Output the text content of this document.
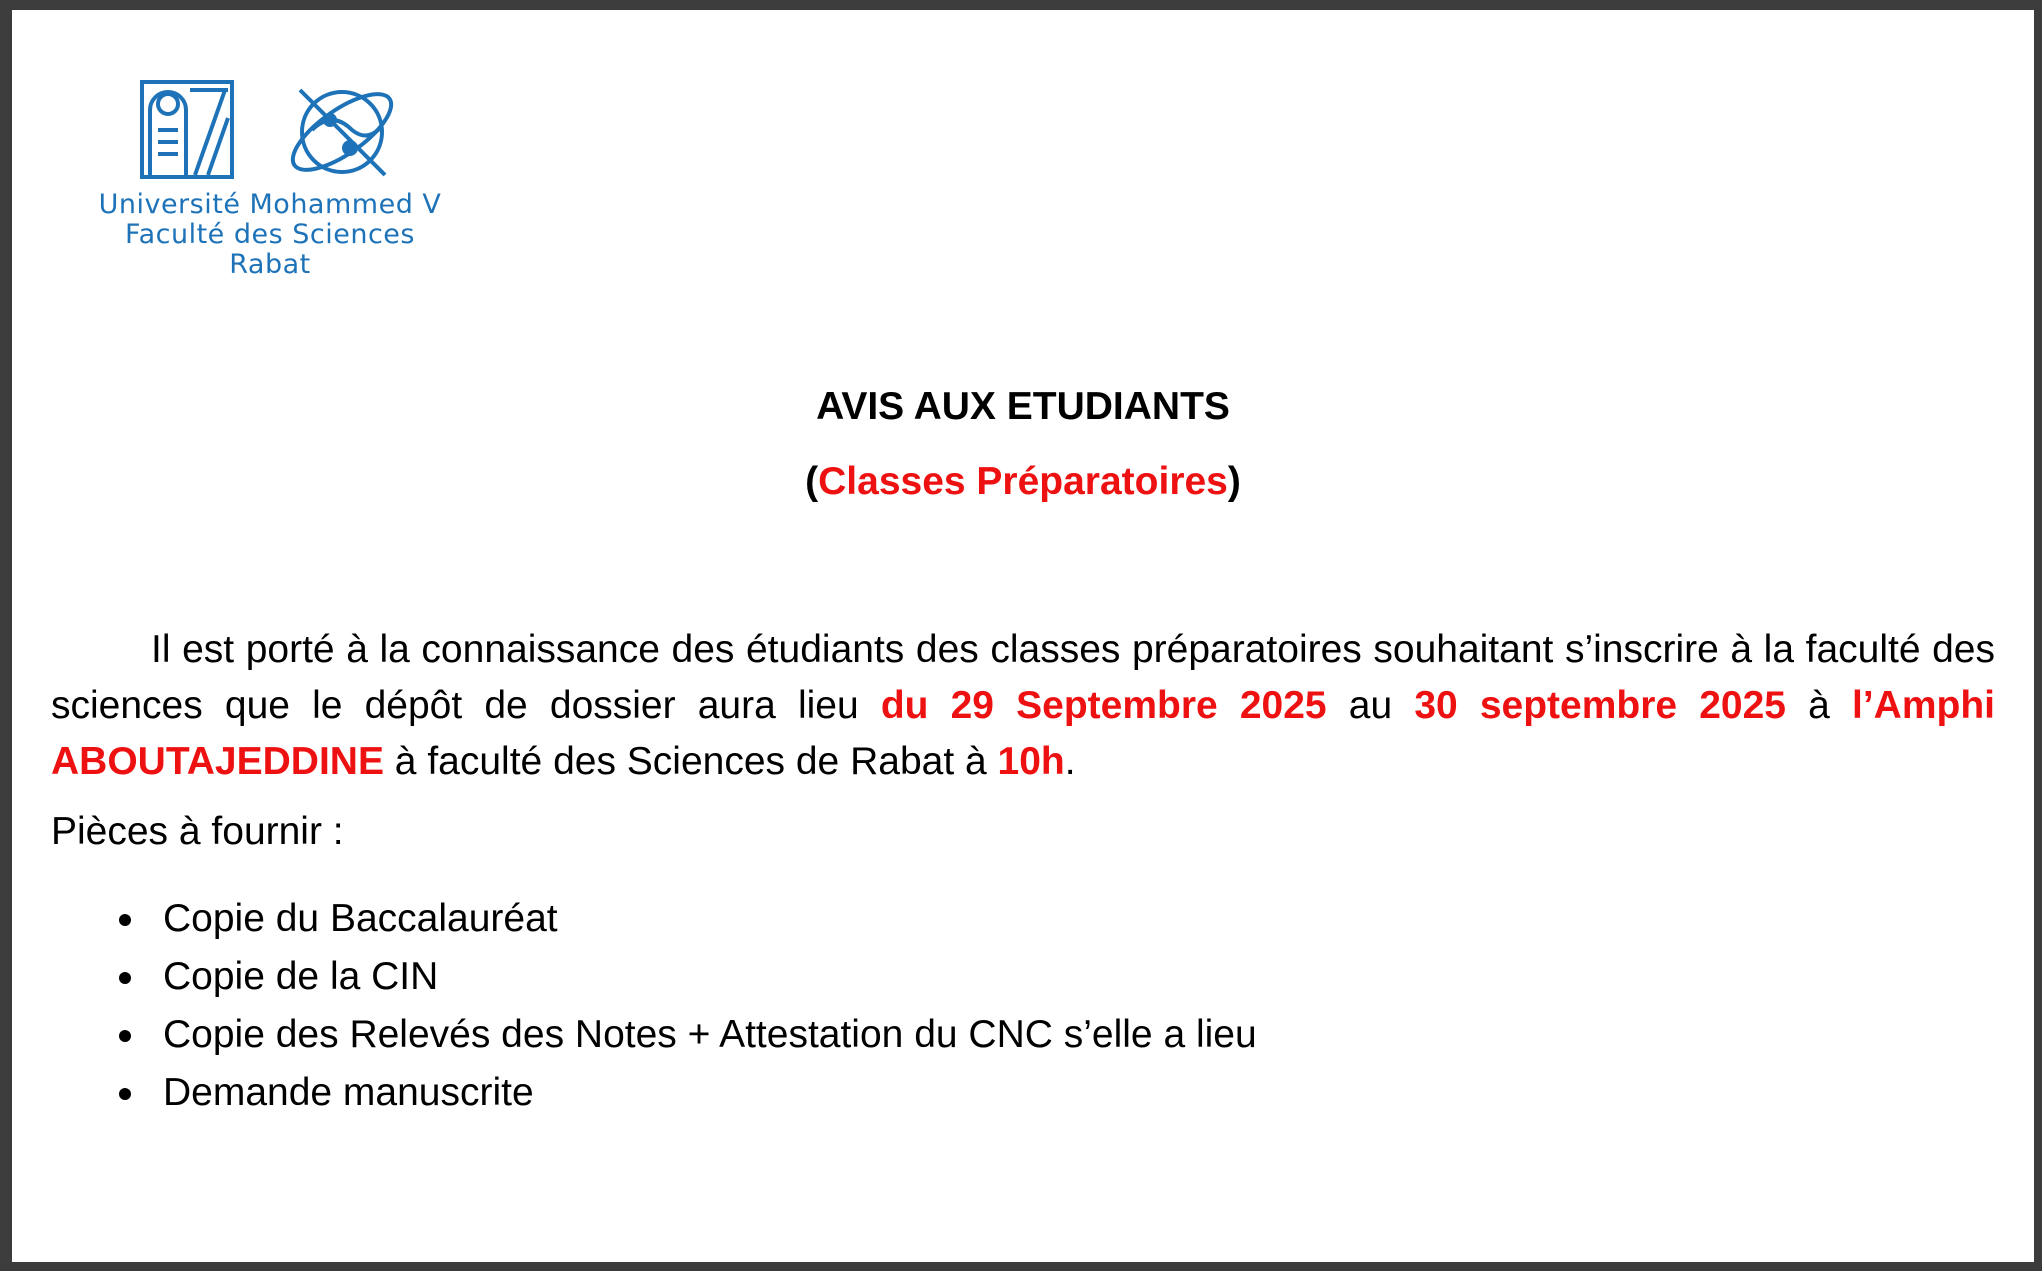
Université Mohammed V
Faculté des Sciences
Rabat
AVIS AUX ETUDIANTS
(Classes Préparatoires)
Il est porté à la connaissance des étudiants des classes préparatoires souhaitant s’inscrire à la faculté des sciences que le dépôt de dossier aura lieu du 29 Septembre 2025 au 30 septembre 2025 à l’Amphi ABOUTAJEDDINE à faculté des Sciences de Rabat à 10h.
Pièces à fournir :
Copie du Baccalauréat
Copie de la CIN
Copie des Relevés des Notes + Attestation du CNC s’elle a lieu
Demande manuscrite
